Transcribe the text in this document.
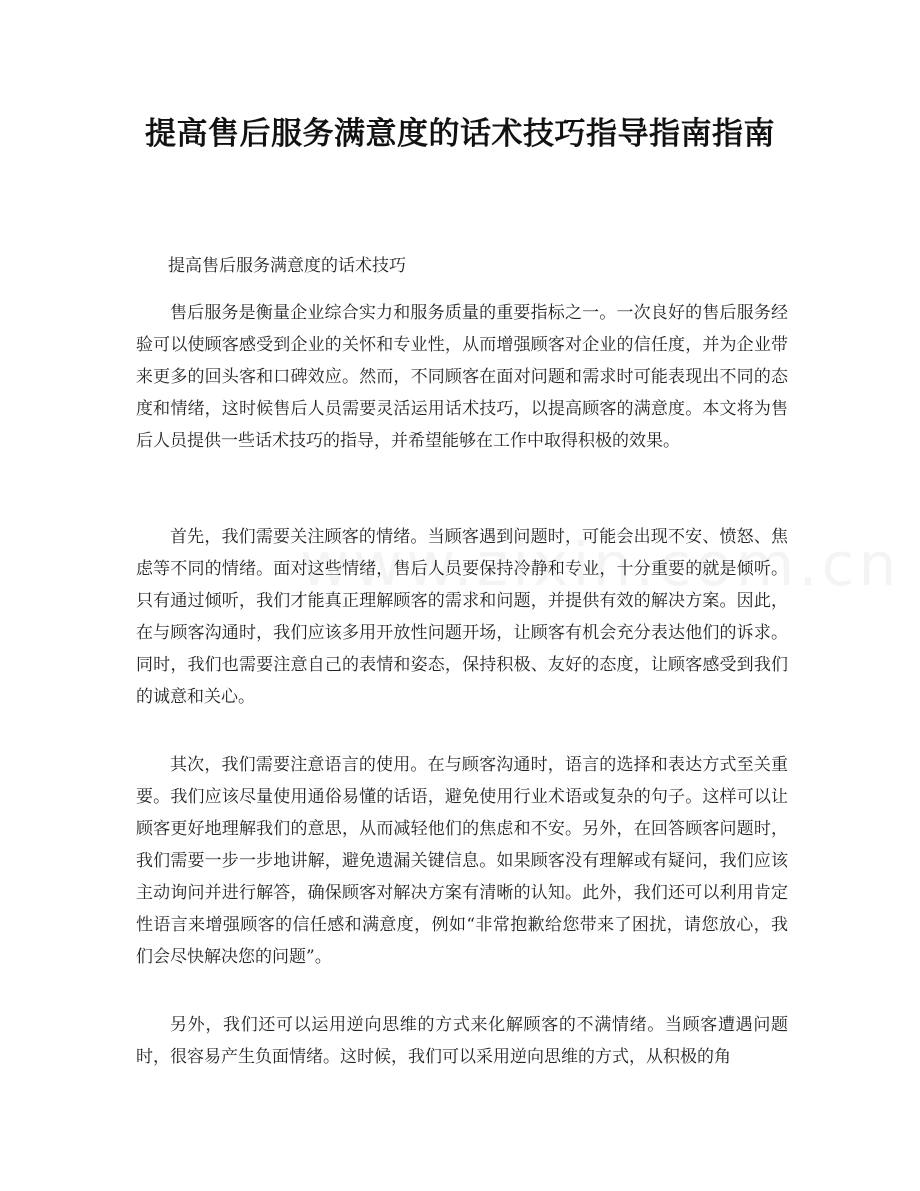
提高售后服务满意度的话术技巧指导指南指南

提高售后服务满意度的话术技巧

售后服务是衡量企业综合实力和服务质量的重要指标之一。一次良好的售后服务经验可以使顾客感受到企业的关怀和专业性，从而增强顾客对企业的信任度，并为企业带来更多的回头客和口碑效应。然而，不同顾客在面对问题和需求时可能表现出不同的态度和情绪，这时候售后人员需要灵活运用话术技巧，以提高顾客的满意度。本文将为售后人员提供一些话术技巧的指导，并希望能够在工作中取得积极的效果。

首先，我们需要关注顾客的情绪。当顾客遇到问题时，可能会出现不安、愤怒、焦虑等不同的情绪。面对这些情绪，售后人员要保持冷静和专业，十分重要的就是倾听。只有通过倾听，我们才能真正理解顾客的需求和问题，并提供有效的解决方案。因此，在与顾客沟通时，我们应该多用开放性问题开场，让顾客有机会充分表达他们的诉求。同时，我们也需要注意自己的表情和姿态，保持积极、友好的态度，让顾客感受到我们的诚意和关心。

其次，我们需要注意语言的使用。在与顾客沟通时，语言的选择和表达方式至关重要。我们应该尽量使用通俗易懂的话语，避免使用行业术语或复杂的句子。这样可以让顾客更好地理解我们的意思，从而减轻他们的焦虑和不安。另外，在回答顾客问题时，我们需要一步一步地讲解，避免遗漏关键信息。如果顾客没有理解或有疑问，我们应该主动询问并进行解答，确保顾客对解决方案有清晰的认知。此外，我们还可以利用肯定性语言来增强顾客的信任感和满意度，例如“非常抱歉给您带来了困扰，请您放心，我们会尽快解决您的问题”。

另外，我们还可以运用逆向思维的方式来化解顾客的不满情绪。当顾客遭遇问题时，很容易产生负面情绪。这时候，我们可以采用逆向思维的方式，从积极的角
